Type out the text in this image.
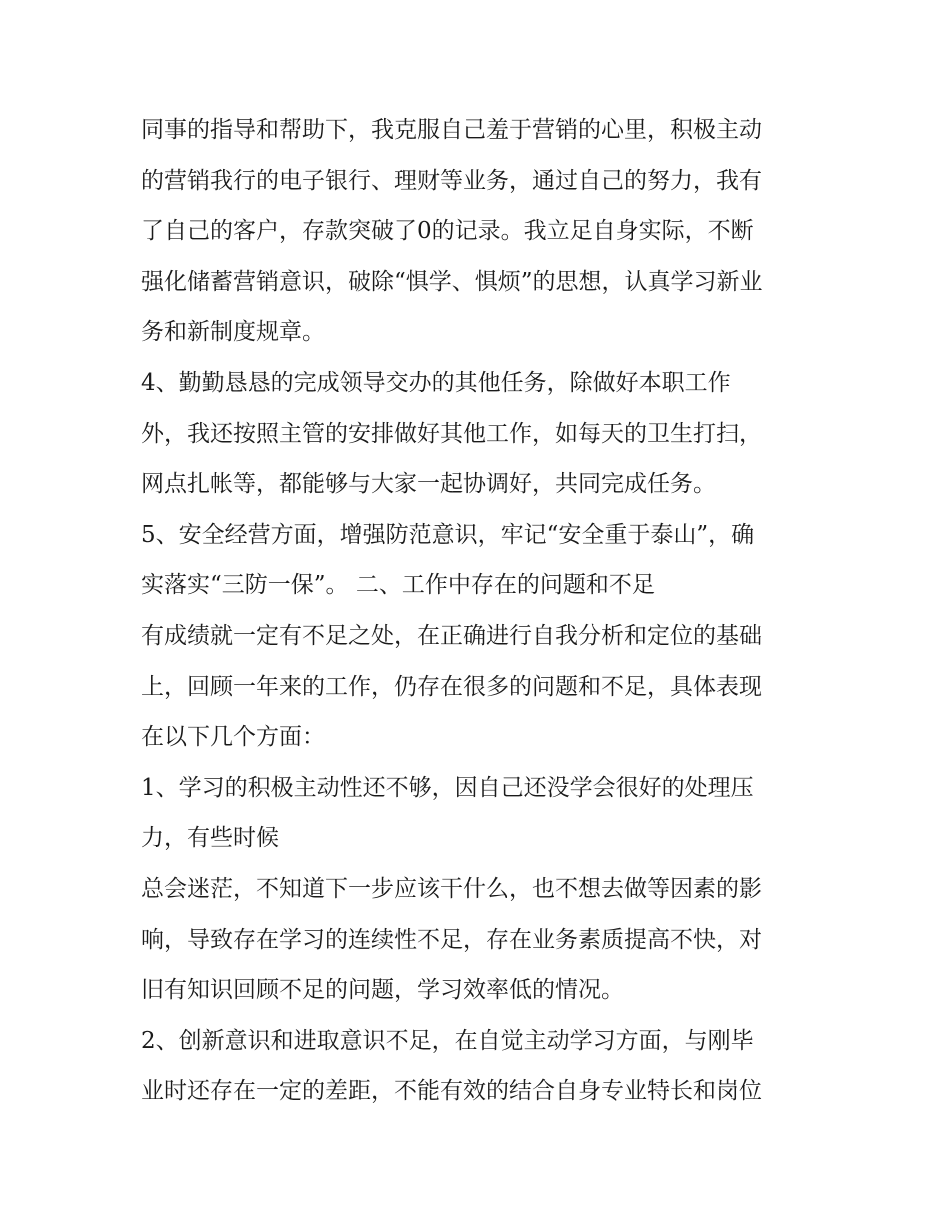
同事的指导和帮助下，我克服自己羞于营销的心里，积极主动
的营销我行的电子银行、理财等业务，通过自己的努力，我有
了自己的客户，存款突破了0的记录。我立足自身实际，不断
强化储蓄营销意识，破除“惧学、惧烦”的思想，认真学习新业
务和新制度规章。
4、勤勤恳恳的完成领导交办的其他任务，除做好本职工作
外，我还按照主管的安排做好其他工作，如每天的卫生打扫，
网点扎帐等，都能够与大家一起协调好，共同完成任务。
5、安全经营方面，增强防范意识，牢记“安全重于泰山”，确
实落实“三防一保”。 二、工作中存在的问题和不足
有成绩就一定有不足之处，在正确进行自我分析和定位的基础
上，回顾一年来的工作，仍存在很多的问题和不足，具体表现
在以下几个方面：
1、学习的积极主动性还不够，因自己还没学会很好的处理压
力，有些时候
总会迷茫，不知道下一步应该干什么，也不想去做等因素的影
响，导致存在学习的连续性不足，存在业务素质提高不快，对
旧有知识回顾不足的问题，学习效率低的情况。
2、创新意识和进取意识不足，在自觉主动学习方面，与刚毕
业时还存在一定的差距，不能有效的结合自身专业特长和岗位
